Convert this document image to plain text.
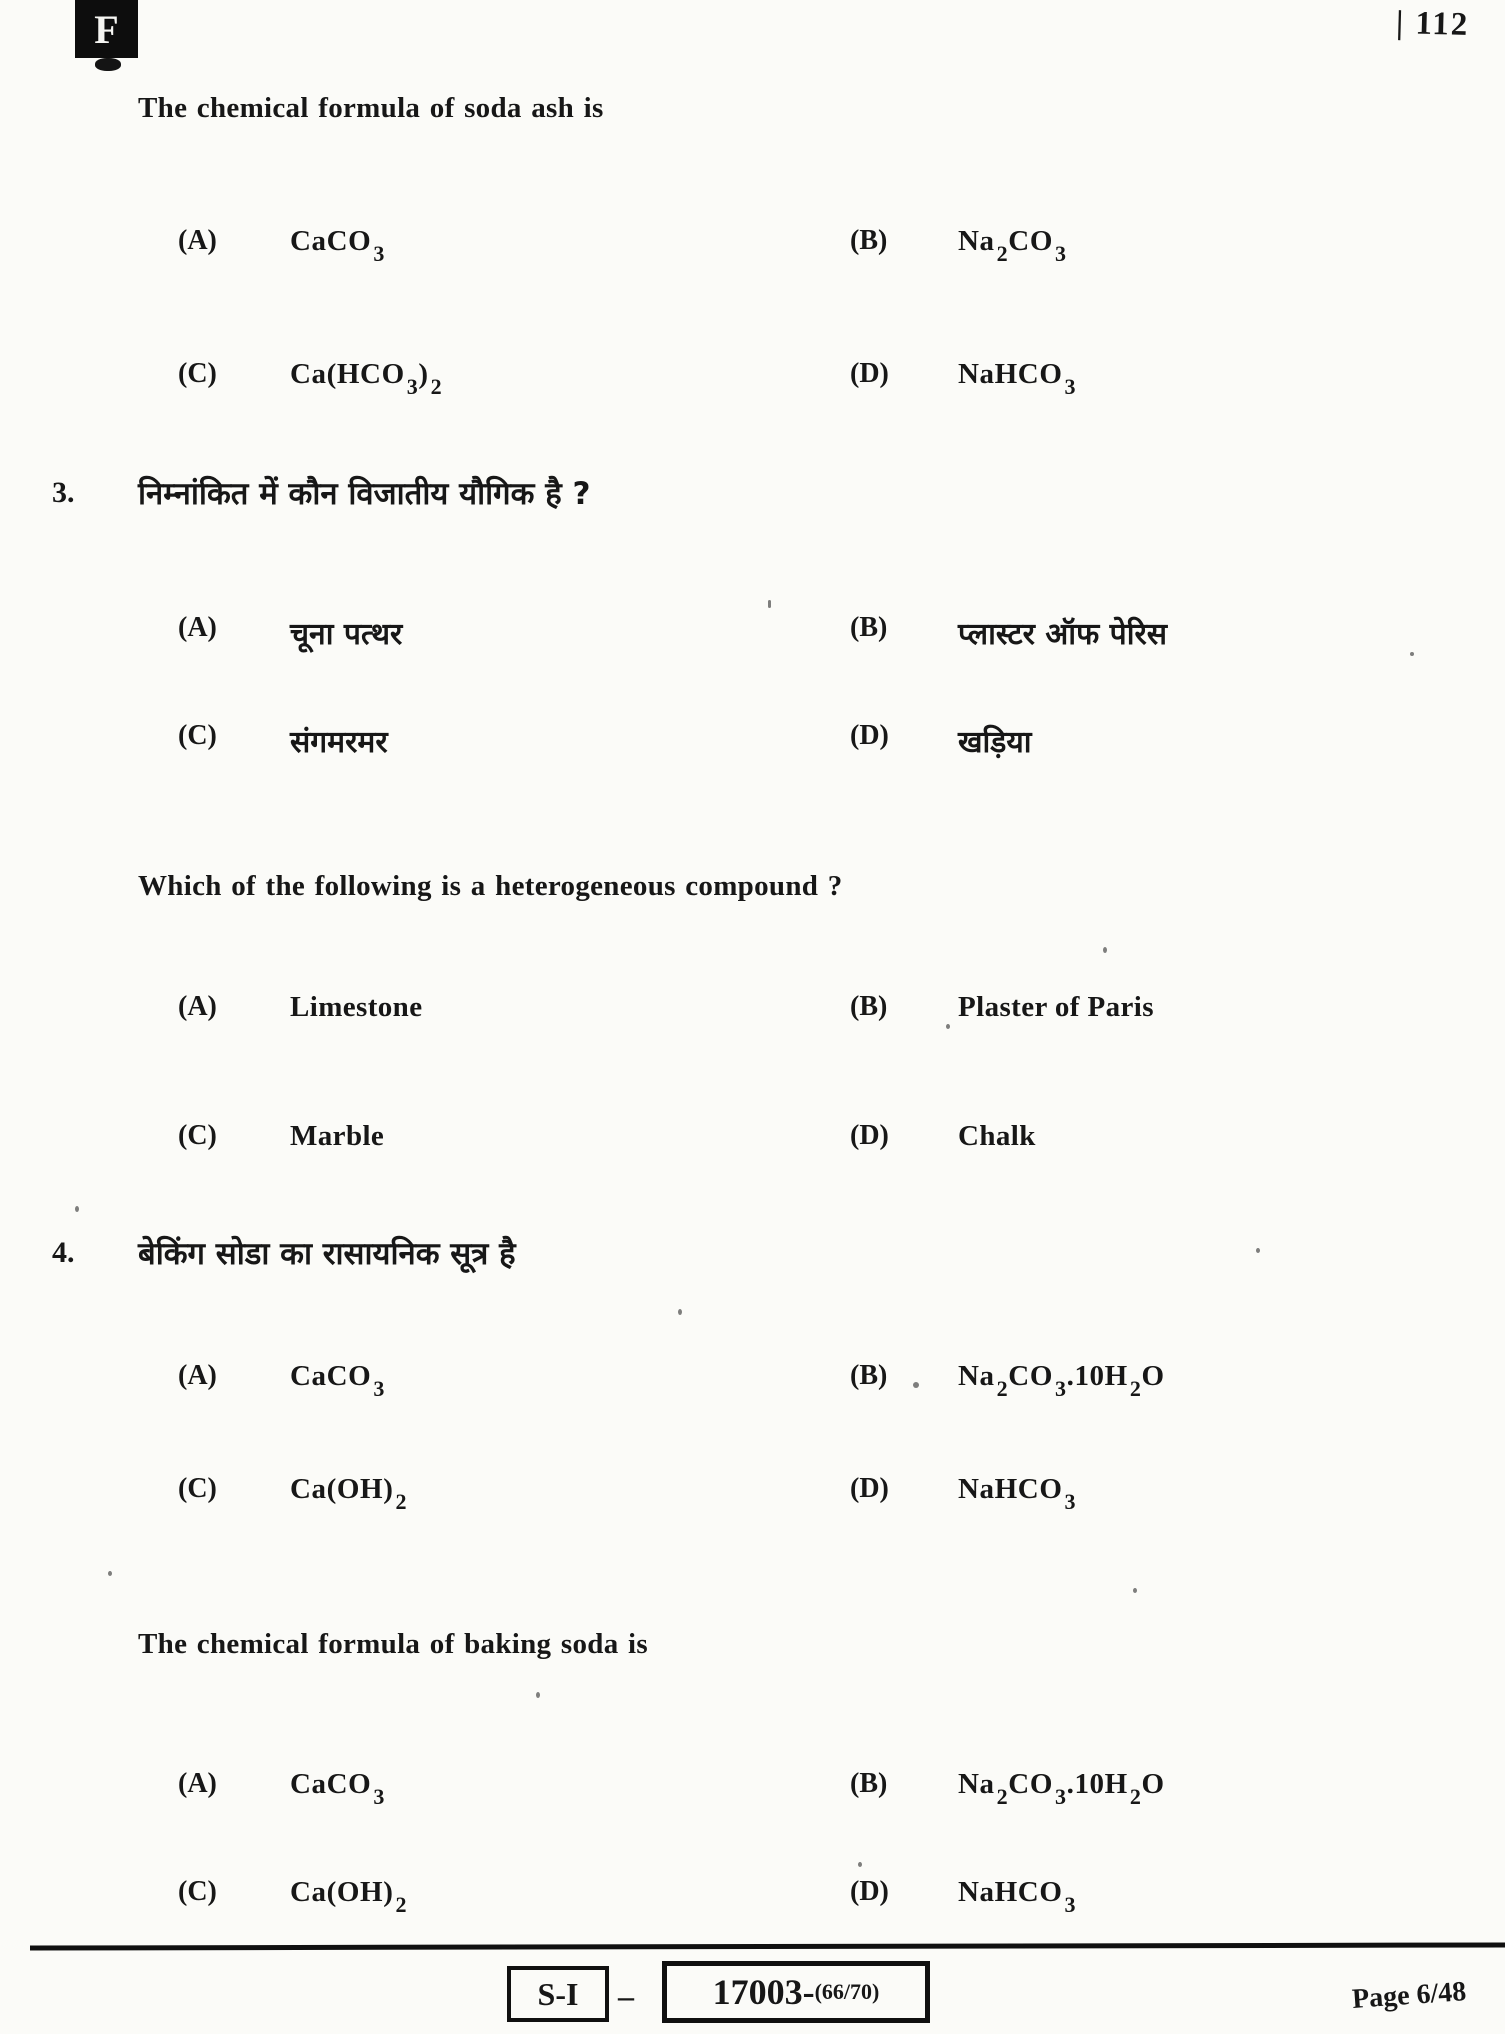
F	| 112
The chemical formula of soda ash is
(A)	CaCO$_3$	(B) $Na_2CO_3$
(C)	$Ca(HCO_3)_2$	(D) NaHCO$_3$
3. निम्नांकित में कौन विजातीय यौगिक है ?
(A) चूना पत्थर	(B) प्लास्टर ऑफ पेरिस
(C) संगमरमर	(D) खड़िया
Which of the following is a heterogeneous compound ?
(A)	Limestone	(B) Plaster of Paris
(C)	Marble	(D) Chalk
4. बेकिंग सोडा का रासायनिक सूत्र है
(A)	CaCO$_3$	(B) $Na_2CO_3.10H_2O$
(C)	$Ca(OH)_2$	(D) NaHCO$_3$
The chemical formula of baking soda is
(A)	CaCO$_3$	(B) $Na_2CO_3.10H_2O$
(C)	$Ca(OH)_2$	(D) NaHCO$_3$
S-I – 17003- (66/70)	Page 6/48
